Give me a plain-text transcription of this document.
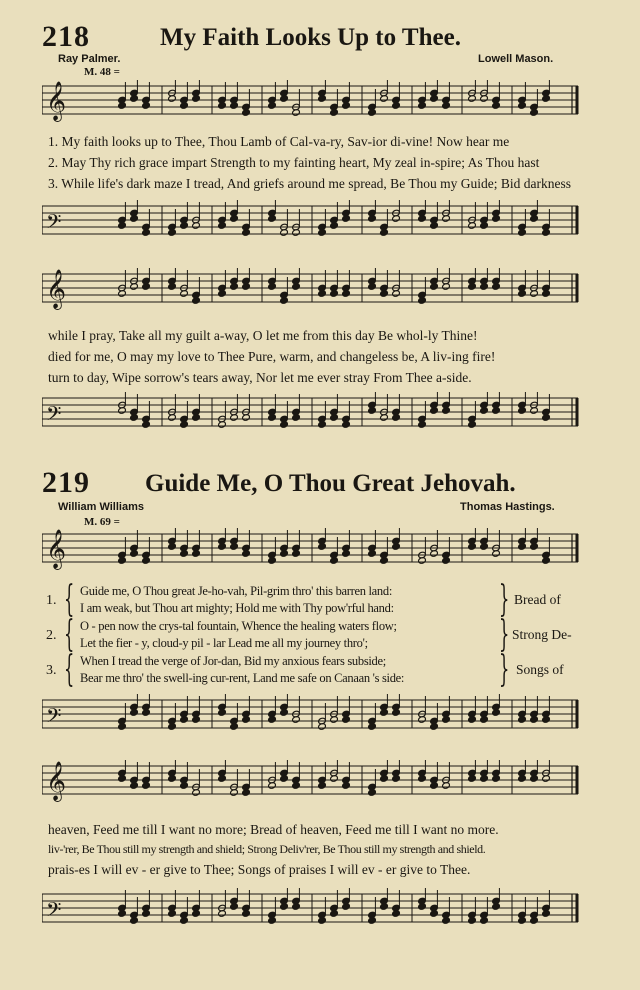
218	My Faith Looks Up to Thee.
Ray Palmer.	Lowell Mason.
M. 48 =
𝄞
1. My faith looks up to Thee, Thou Lamb of Cal-va-ry, Sav-ior di-vine! Now hear me
2. May Thy rich grace impart Strength to my fainting heart, My zeal in-spire; As Thou hast
3. While life's dark maze I tread, And griefs around me spread, Be Thou my Guide; Bid darkness
𝄢
𝄞
while I pray, Take all my guilt a-way, O let me from this day Be whol-ly Thine!
died for me, O may my love to Thee Pure, warm, and changeless be, A liv-ing fire!
turn to day, Wipe sorrow's tears away, Nor let me ever stray From Thee a-side.
𝄢
219 Guide Me, O Thou Great Jehovah.
William Williams	Thomas Hastings.
M. 69 =
𝄞
1. { Guide me, O Thou great Je-ho-vah, Pil-grim thro' this barren land:
I am weak, but Thou art mighty; Hold me with Thy pow'rful hand:	} Bread of
2. { O - pen now the crys-tal fountain, Whence the healing waters flow;
Let the fier - y, cloud-y pil - lar Lead me all my journey thro';	} Strong De-
3. { When I tread the verge of Jor-dan, Bid my anxious fears subside;
Bear me thro' the swell-ing cur-rent, Land me safe on Canaan 's side:	} Songs of
𝄢
𝄞
heaven, Feed me till I want no more; Bread of heaven, Feed me till I want no more.
liv-'rer, Be Thou still my strength and shield; Strong Deliv'rer, Be Thou still my strength and shield.
prais-es I will ev - er give to Thee; Songs of praises I will ev - er give to Thee.
𝄢
